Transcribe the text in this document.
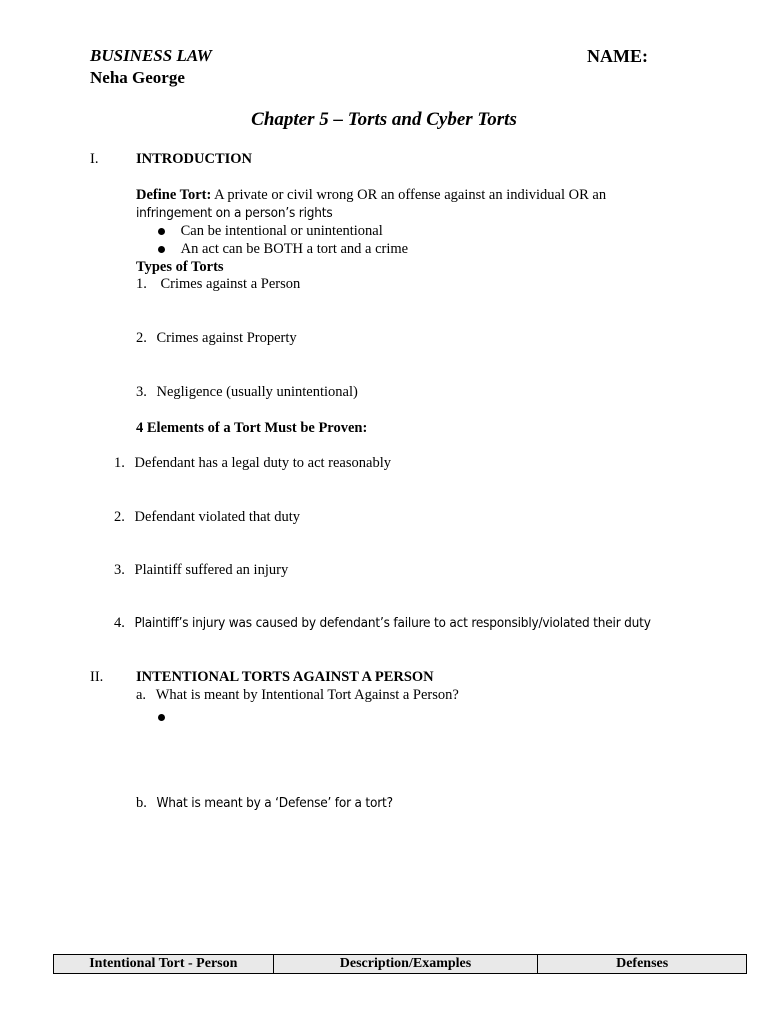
BUSINESS LAW
Neha George
NAME:
Chapter 5 – Torts and Cyber Torts
I.	INTRODUCTION
Define Tort: A private or civil wrong OR an offense against an individual OR an
infringement on a person’s rights
Can be intentional or unintentional
An act can be BOTH a tort and a crime
Types of Torts
1. Crimes against a Person
2. Crimes against Property
3. Negligence (usually unintentional)
4 Elements of a Tort Must be Proven:
1. Defendant has a legal duty to act reasonably
2. Defendant violated that duty
3. Plaintiff suffered an injury
4. Plaintiff’s injury was caused by defendant’s failure to act responsibly/violated their duty
II. INTENTIONAL TORTS AGAINST A PERSON
a. What is meant by Intentional Tort Against a Person?
b. What is meant by a ‘Defense’ for a tort?
Intentional Tort - Person	Description/Examples	Defenses
